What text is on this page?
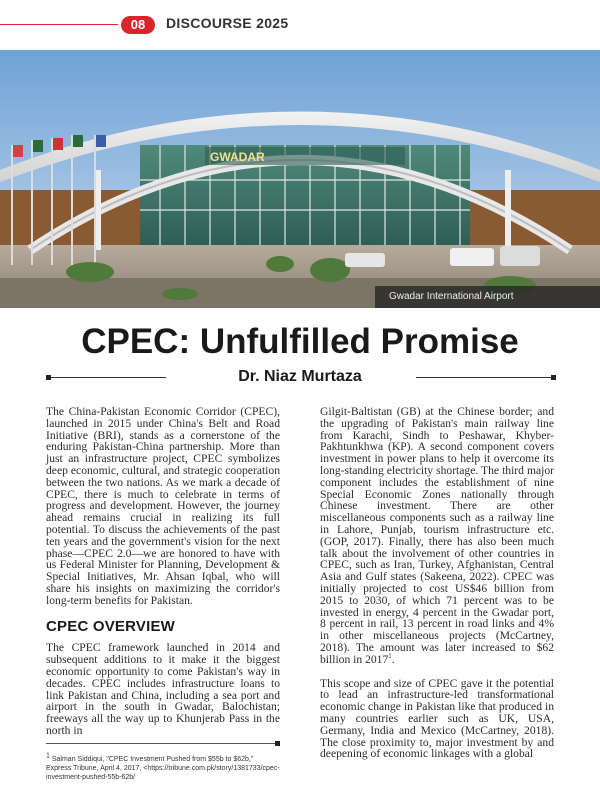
08	DISCOURSE 2025
GWADAR
Gwadar International Airport
CPEC: Unfulfilled Promise
Dr. Niaz Murtaza

The China-Pakistan Economic Corridor (CPEC), launched in 2015 under China's Belt and Road Initiative (BRI), stands as a cornerstone of the enduring Pakistan-China partnership. More than just an infrastructure project, CPEC symbolizes deep economic, cultural, and strategic cooperation between the two nations. As we mark a decade of CPEC, there is much to celebrate in terms of progress and development. However, the journey ahead remains crucial in realizing its full potential. To discuss the achievements of the past ten years and the government's vision for the next phase—CPEC 2.0—we are honored to have with us Federal Minister for Planning, Development & Special Initiatives, Mr. Ahsan Iqbal, who will share his insights on maximizing the corridor's long-term benefits for Pakistan.

CPEC OVERVIEW

The CPEC framework launched in 2014 and subsequent additions to it make it the biggest economic opportunity to come Pakistan's way in decades. CPEC includes infrastructure loans to link Pakistan and China, including a sea port and airport in the south in Gwadar, Balochistan; freeways all the way up to Khunjerab Pass in the north in

Gilgit-Baltistan (GB) at the Chinese border; and the upgrading of Pakistan's main railway line from Karachi, Sindh to Peshawar, Khyber-Pakhtunkhwa (KP). A second component covers investment in power plans to help it overcome its long-standing electricity shortage. The third major component includes the establishment of nine Special Economic Zones nationally through Chinese investment. There are other miscellaneous components such as a railway line in Lahore, Punjab, tourism infrastructure etc. (GOP, 2017). Finally, there has also been much talk about the involvement of other countries in CPEC, such as Iran, Turkey, Afghanistan, Central Asia and Gulf states (Sakeena, 2022). CPEC was initially projected to cost US$46 billion from 2015 to 2030, of which 71 percent was to be invested in energy, 4 percent in the Gwadar port, 8 percent in rail, 13 percent in road links and 4% in other miscellaneous projects (McCartney, 2018). The amount was later increased to $62 billion in 2017$^1$.

This scope and size of CPEC gave it the potential to lead an infrastructure-led transformational economic change in Pakistan like that produced in many countries earlier such as UK, USA, Germany, India and Mexico (McCartney, 2018). The close proximity to, major investment by and deepening of economic linkages with a global

$^1$ Salman Siddiqui, "CPEC Investment Pushed from $55b to $62b," Express Tribune, April 4, 2017, <https://tribune.com.pk/story/1381733/cpec-investment-pushed-55b-62b/
